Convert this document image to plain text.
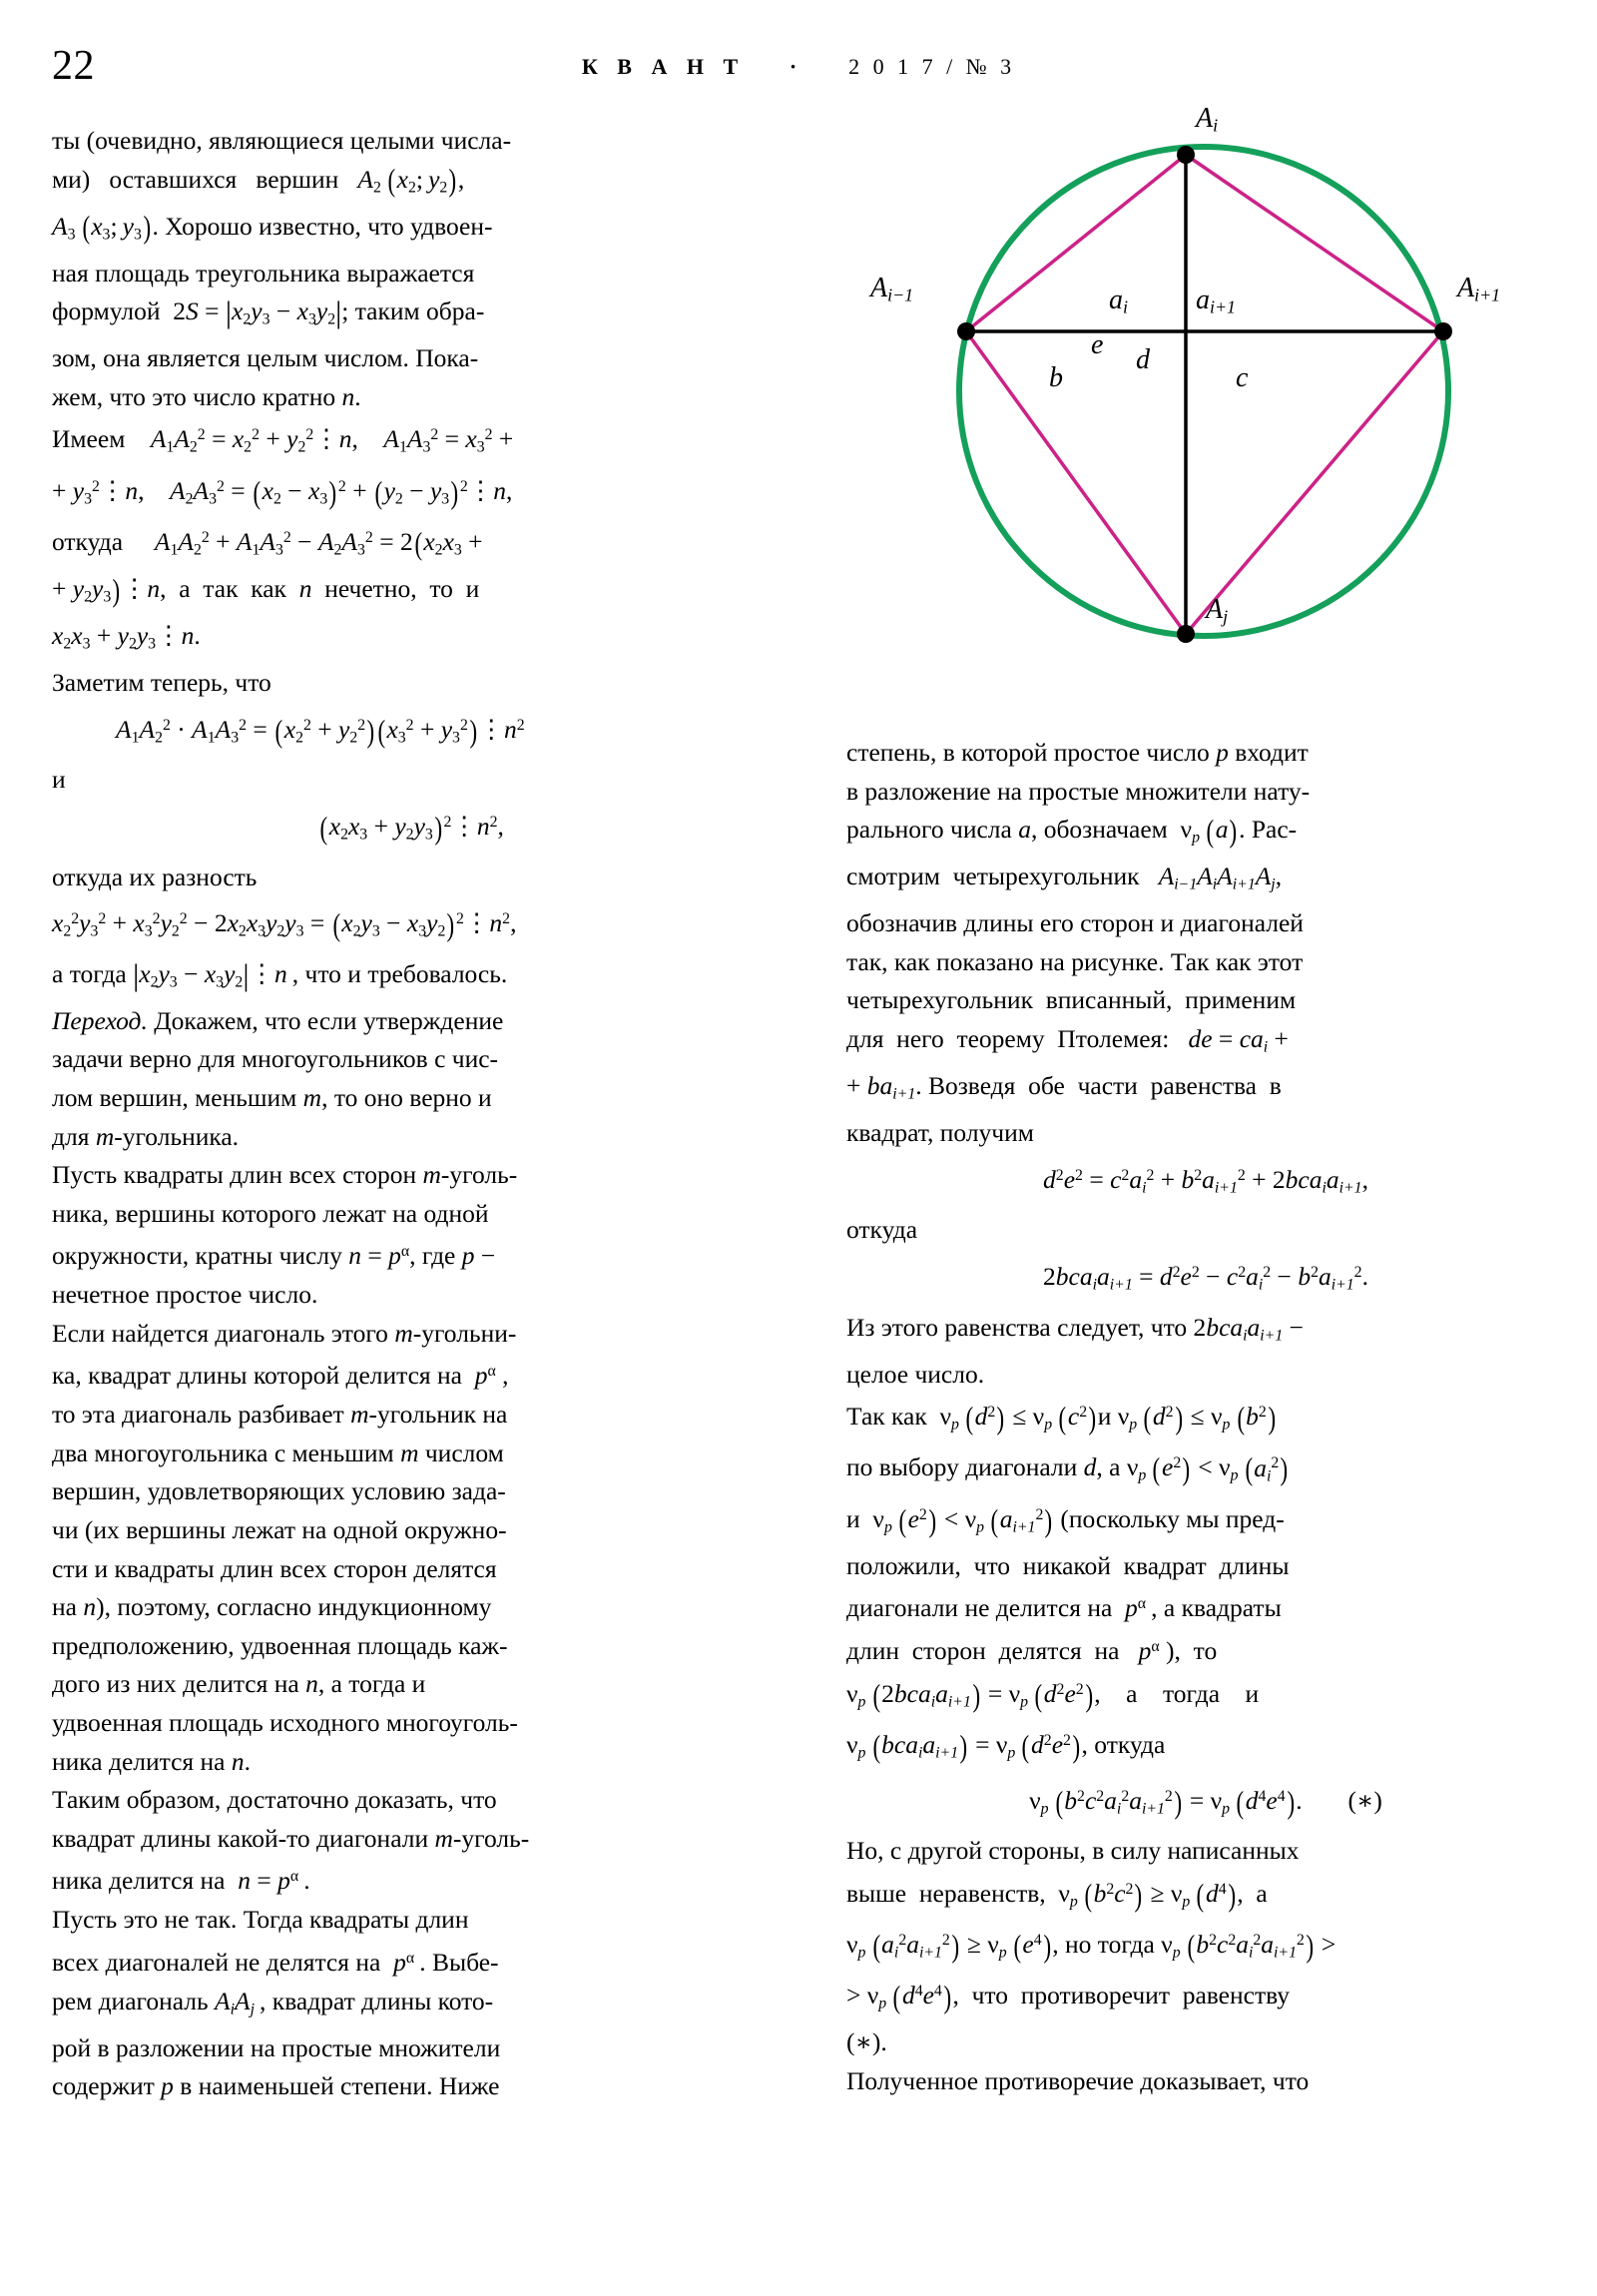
22	К В А Н Т · 2 0 1 7 / № 3
$A_{i-1}$
$A_i$
$A_{i+1}$
$A_j$
$a_i$ $a_{i+1}$
e
b
d
c

ты (очевидно, являющиеся целыми числа-
ми)   оставшихся   вершин   $A_2$  ($x_2$; $y_2$),
$A_3$  ($x_3$; $y_3$). Хорошо известно, что удвоен-
ная площадь треугольника выражается
формулой  $2S = |x_2y_3 - x_3y_2|$; таким обра-
зом, она является целым числом. Пока-
жем, что это число кратно n.

Имеем    $A_1A_2^2 = x_2^2$ + $y_2^2⋮n$,    $A_1A_3^2 = x_3^2$ +
+ $y_3^2⋮n$,    $A_2A_3^2 = (x_2 - x_3)^2 + (y_2$ − $y_3)^2⋮n$,
откуда     $A_1A_2^2 + A_1A_3^2 - A_2A_3^2 = 2(x_2x_3$ +
+ $y_2y_3)⋮n$,  а  так  как  n  нечетно,  то  и
$x_2x_3$ + $y_2y_3⋮n$.

Заметим теперь, что

$A_1A_2^2 \cdot A_1A_3^2 = (x_2^2 + y_2^2)(x_3^2$ + $y_3^2)⋮n^2$

и

($x_2x_3$ + $y_2y_3)^2⋮n^2$,

откуда их разность

$x_2^2y_3^2 + x_3^2y_2^2 - 2x_2x_3y_2y_3 = (x_2y_3$ − $x_3y_2)^2⋮n^2$,

а тогда $|x_2y_3$ − $x_3y_2|⋮n$ , что и требовалось.

Переход. Докажем, что если утверждение
задачи верно для многоугольников с чис-
лом вершин, меньшим m, то оно верно и
для m-угольника.

Пусть квадраты длин всех сторон m-уголь-
ника, вершины которого лежат на одной
окружности, кратны числу $n = p^\alpha$, где p −
нечетное простое число.

Если найдется диагональ этого m-угольни-
ка, квадрат длины которой делится на  $p^\alpha$ ,
то эта диагональ разбивает m-угольник на
два многоугольника с меньшим m числом
вершин, удовлетворяющих условию зада-
чи (их вершины лежат на одной окружно-
сти и квадраты длин всех сторон делятся
на n), поэтому, согласно индукционному
предположению, удвоенная площадь каж-
дого из них делится на n, а тогда и
удвоенная площадь исходного многоуголь-
ника делится на n.

Таким образом, достаточно доказать, что
квадрат длины какой-то диагонали m-уголь-
ника делится на  $n = p^\alpha$ .

Пусть это не так. Тогда квадраты длин
всех диагоналей не делятся на  $p^\alpha$ . Выбе-
рем диагональ $A_iA_j$ , квадрат длины кото-
рой в разложении на простые множители
содержит p в наименьшей степени. Ниже

степень, в которой простое число p входит
в разложение на простые множители нату-
рального числа a, обозначаем  $\nu_p$  (a). Рас-
смотрим  четырехугольник   $A_{i-1}A_iA_{i+1}A_j$,
обозначив длины его сторон и диагоналей
так, как показано на рисунке. Так как этот
четырехугольник  вписанный,  применим
для  него  теорему  Птолемея:   de = $ca_i$ +
+ $ba_{i+1}$. Возведя  обе  части  равенства  в
квадрат, получим

$d^2e^2 = c^2a_i^2 + b^2a_{i+1}^2 + 2bca_ia_{i+1}$,

откуда

$2bca_ia_{i+1} = d^2e^2 - c^2a_i^2 - b^2a_{i+1}^2$.

Из этого равенства следует, что $2bca_ia_{i+1}$ −
целое число.

Так как  $\nu_p$  $(d^2) \le \nu_p$  $(c^2)и$ $\nu_p$  $(d^2) \le \nu_p$  $(b^2)$
по выбору диагонали d, а $\nu_p$  $(e^2) < \nu_p$  $(a_i^2)$
и  $\nu_p$  $(e^2) < \nu_p$  $(a_{i+1}^2)$ (поскольку мы пред-
положили,  что  никакой  квадрат  длины
диагонали не делится на  $p^\alpha$ , а квадраты
длин  сторон  делятся  на   $p^\alpha$ ),  то
$\nu_p$  $(2bca_ia_{i+1}) = \nu_p$  $(d^2e^2)$,    а    тогда    и
$\nu_p$  $(bca_ia_{i+1}) = \nu_p$  $(d^2e^2)$, откуда

$\nu_p$  $(b^2c^2a_i^2a_{i+1}^2) = \nu_p$  $(d^4e^4)$. (∗)

Но, с другой стороны, в силу написанных
выше  неравенств,  $\nu_p$  $(b^2c^2) \ge \nu_p$  $(d^4)$,  а
$\nu_p$  $(a_i^2a_{i+1}^2) \ge \nu_p$  $(e^4)$, но тогда $\nu_p$  $(b^2c^2a_i^2a_{i+1}^2)$ >
> $\nu_p$  $(d^4e^4)$,  что  противоречит  равенству
(∗).

Полученное противоречие доказывает, что
